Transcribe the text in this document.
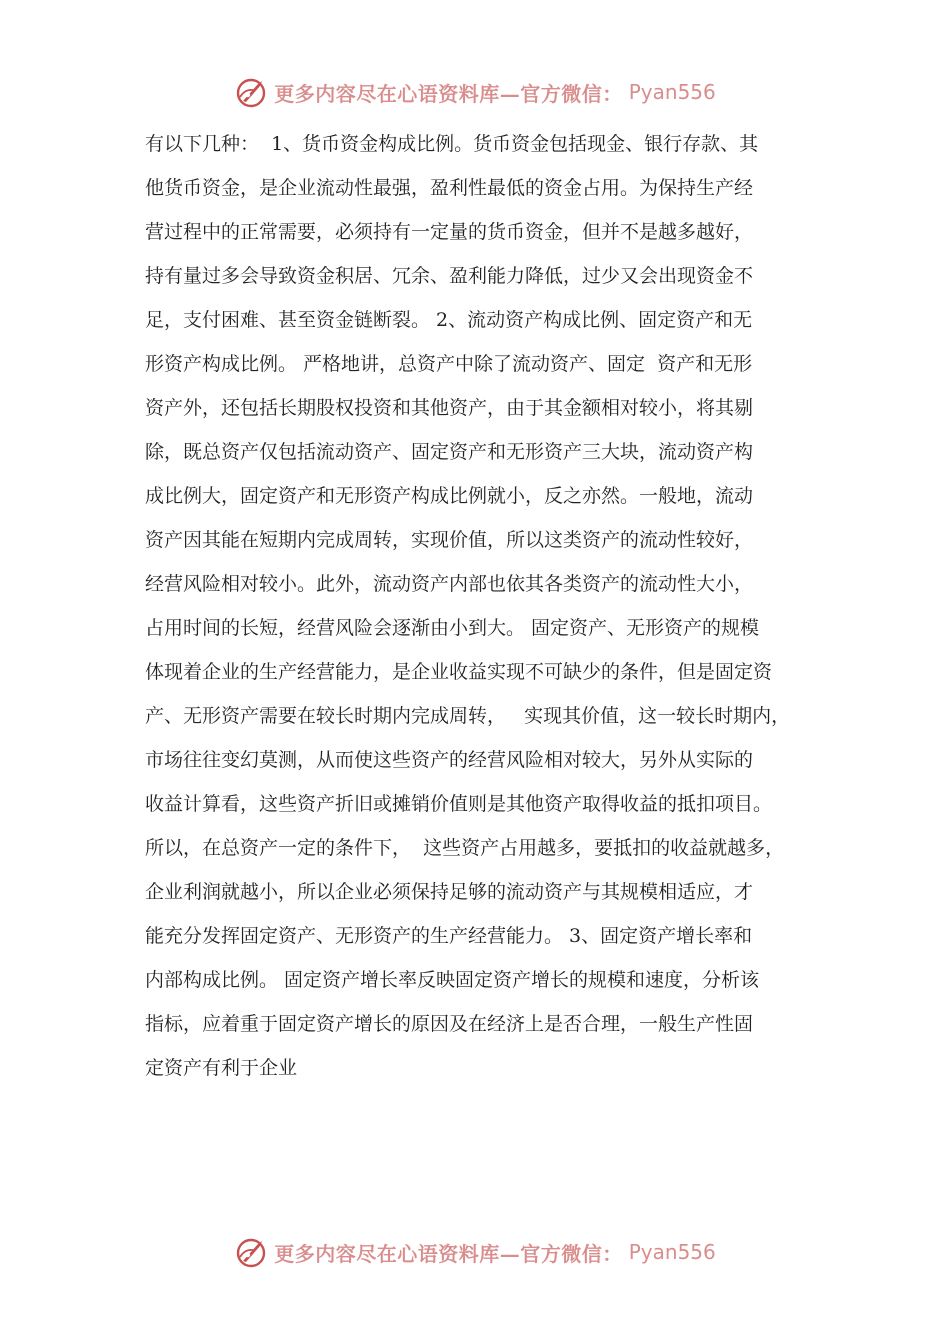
更多内容尽在心语资料库—官方微信： Pyan556
有以下几种：  1、货币资金构成比例。货币资金包括现金、银行存款、其
他货币资金，是企业流动性最强，盈利性最低的资金占用。为保持生产经
营过程中的正常需要，必须持有一定量的货币资金，但并不是越多越好，
持有量过多会导致资金积居、冗余、盈利能力降低，过少又会出现资金不
足，支付困难、甚至资金链断裂。 2、流动资产构成比例、固定资产和无
形资产构成比例。 严格地讲，总资产中除了流动资产、固定  资产和无形
资产外，还包括长期股权投资和其他资产，由于其金额相对较小，将其剔
除，既总资产仅包括流动资产、固定资产和无形资产三大块，流动资产构
成比例大，固定资产和无形资产构成比例就小，反之亦然。一般地，流动
资产因其能在短期内完成周转，实现价值，所以这类资产的流动性较好，
经营风险相对较小。此外，流动资产内部也依其各类资产的流动性大小，
占用时间的长短，经营风险会逐渐由小到大。 固定资产、无形资产的规模
体现着企业的生产经营能力，是企业收益实现不可缺少的条件，但是固定资
产、无形资产需要在较长时期内完成周转，   实现其价值，这一较长时期内，
市场往往变幻莫测，从而使这些资产的经营风险相对较大，另外从实际的
收益计算看，这些资产折旧或摊销价值则是其他资产取得收益的抵扣项目。
所以，在总资产一定的条件下，  这些资产占用越多，要抵扣的收益就越多，
企业利润就越小，所以企业必须保持足够的流动资产与其规模相适应，才
能充分发挥固定资产、无形资产的生产经营能力。 3、固定资产增长率和
内部构成比例。 固定资产增长率反映固定资产增长的规模和速度，分析该
指标，应着重于固定资产增长的原因及在经济上是否合理，一般生产性固
定资产有利于企业
更多内容尽在心语资料库—官方微信： Pyan556
